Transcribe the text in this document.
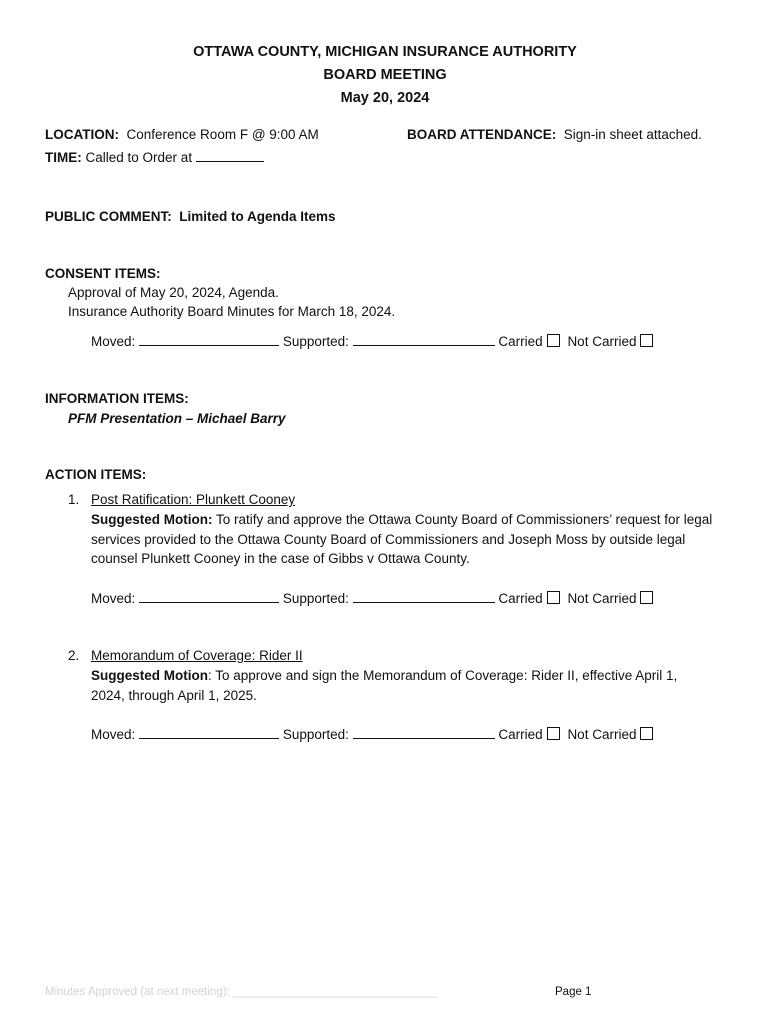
OTTAWA COUNTY, MICHIGAN INSURANCE AUTHORITY
BOARD MEETING
May 20, 2024
LOCATION: Conference Room F @ 9:00 AM	BOARD ATTENDANCE: Sign-in sheet attached.
TIME: Called to Order at
PUBLIC COMMENT: Limited to Agenda Items
CONSENT ITEMS:
Approval of May 20, 2024, Agenda.
Insurance Authority Board Minutes for March 18, 2024.
Moved:	Supported:	Carried Not Carried
INFORMATION ITEMS:
PFM Presentation – Michael Barry
ACTION ITEMS:
1. Post Ratification: Plunkett Cooney
Suggested Motion: To ratify and approve the Ottawa County Board of Commissioners’ request for legal
services provided to the Ottawa County Board of Commissioners and Joseph Moss by outside legal
counsel Plunkett Cooney in the case of Gibbs v Ottawa County.
Moved:	Supported:	Carried Not Carried
2. Memorandum of Coverage: Rider II
Suggested Motion: To approve and sign the Memorandum of Coverage: Rider II, effective April 1,
2024, through April 1, 2025.
Moved:	Supported:	Carried Not Carried
Minutes Approved (at next meeting): ________________________________	Page 1
